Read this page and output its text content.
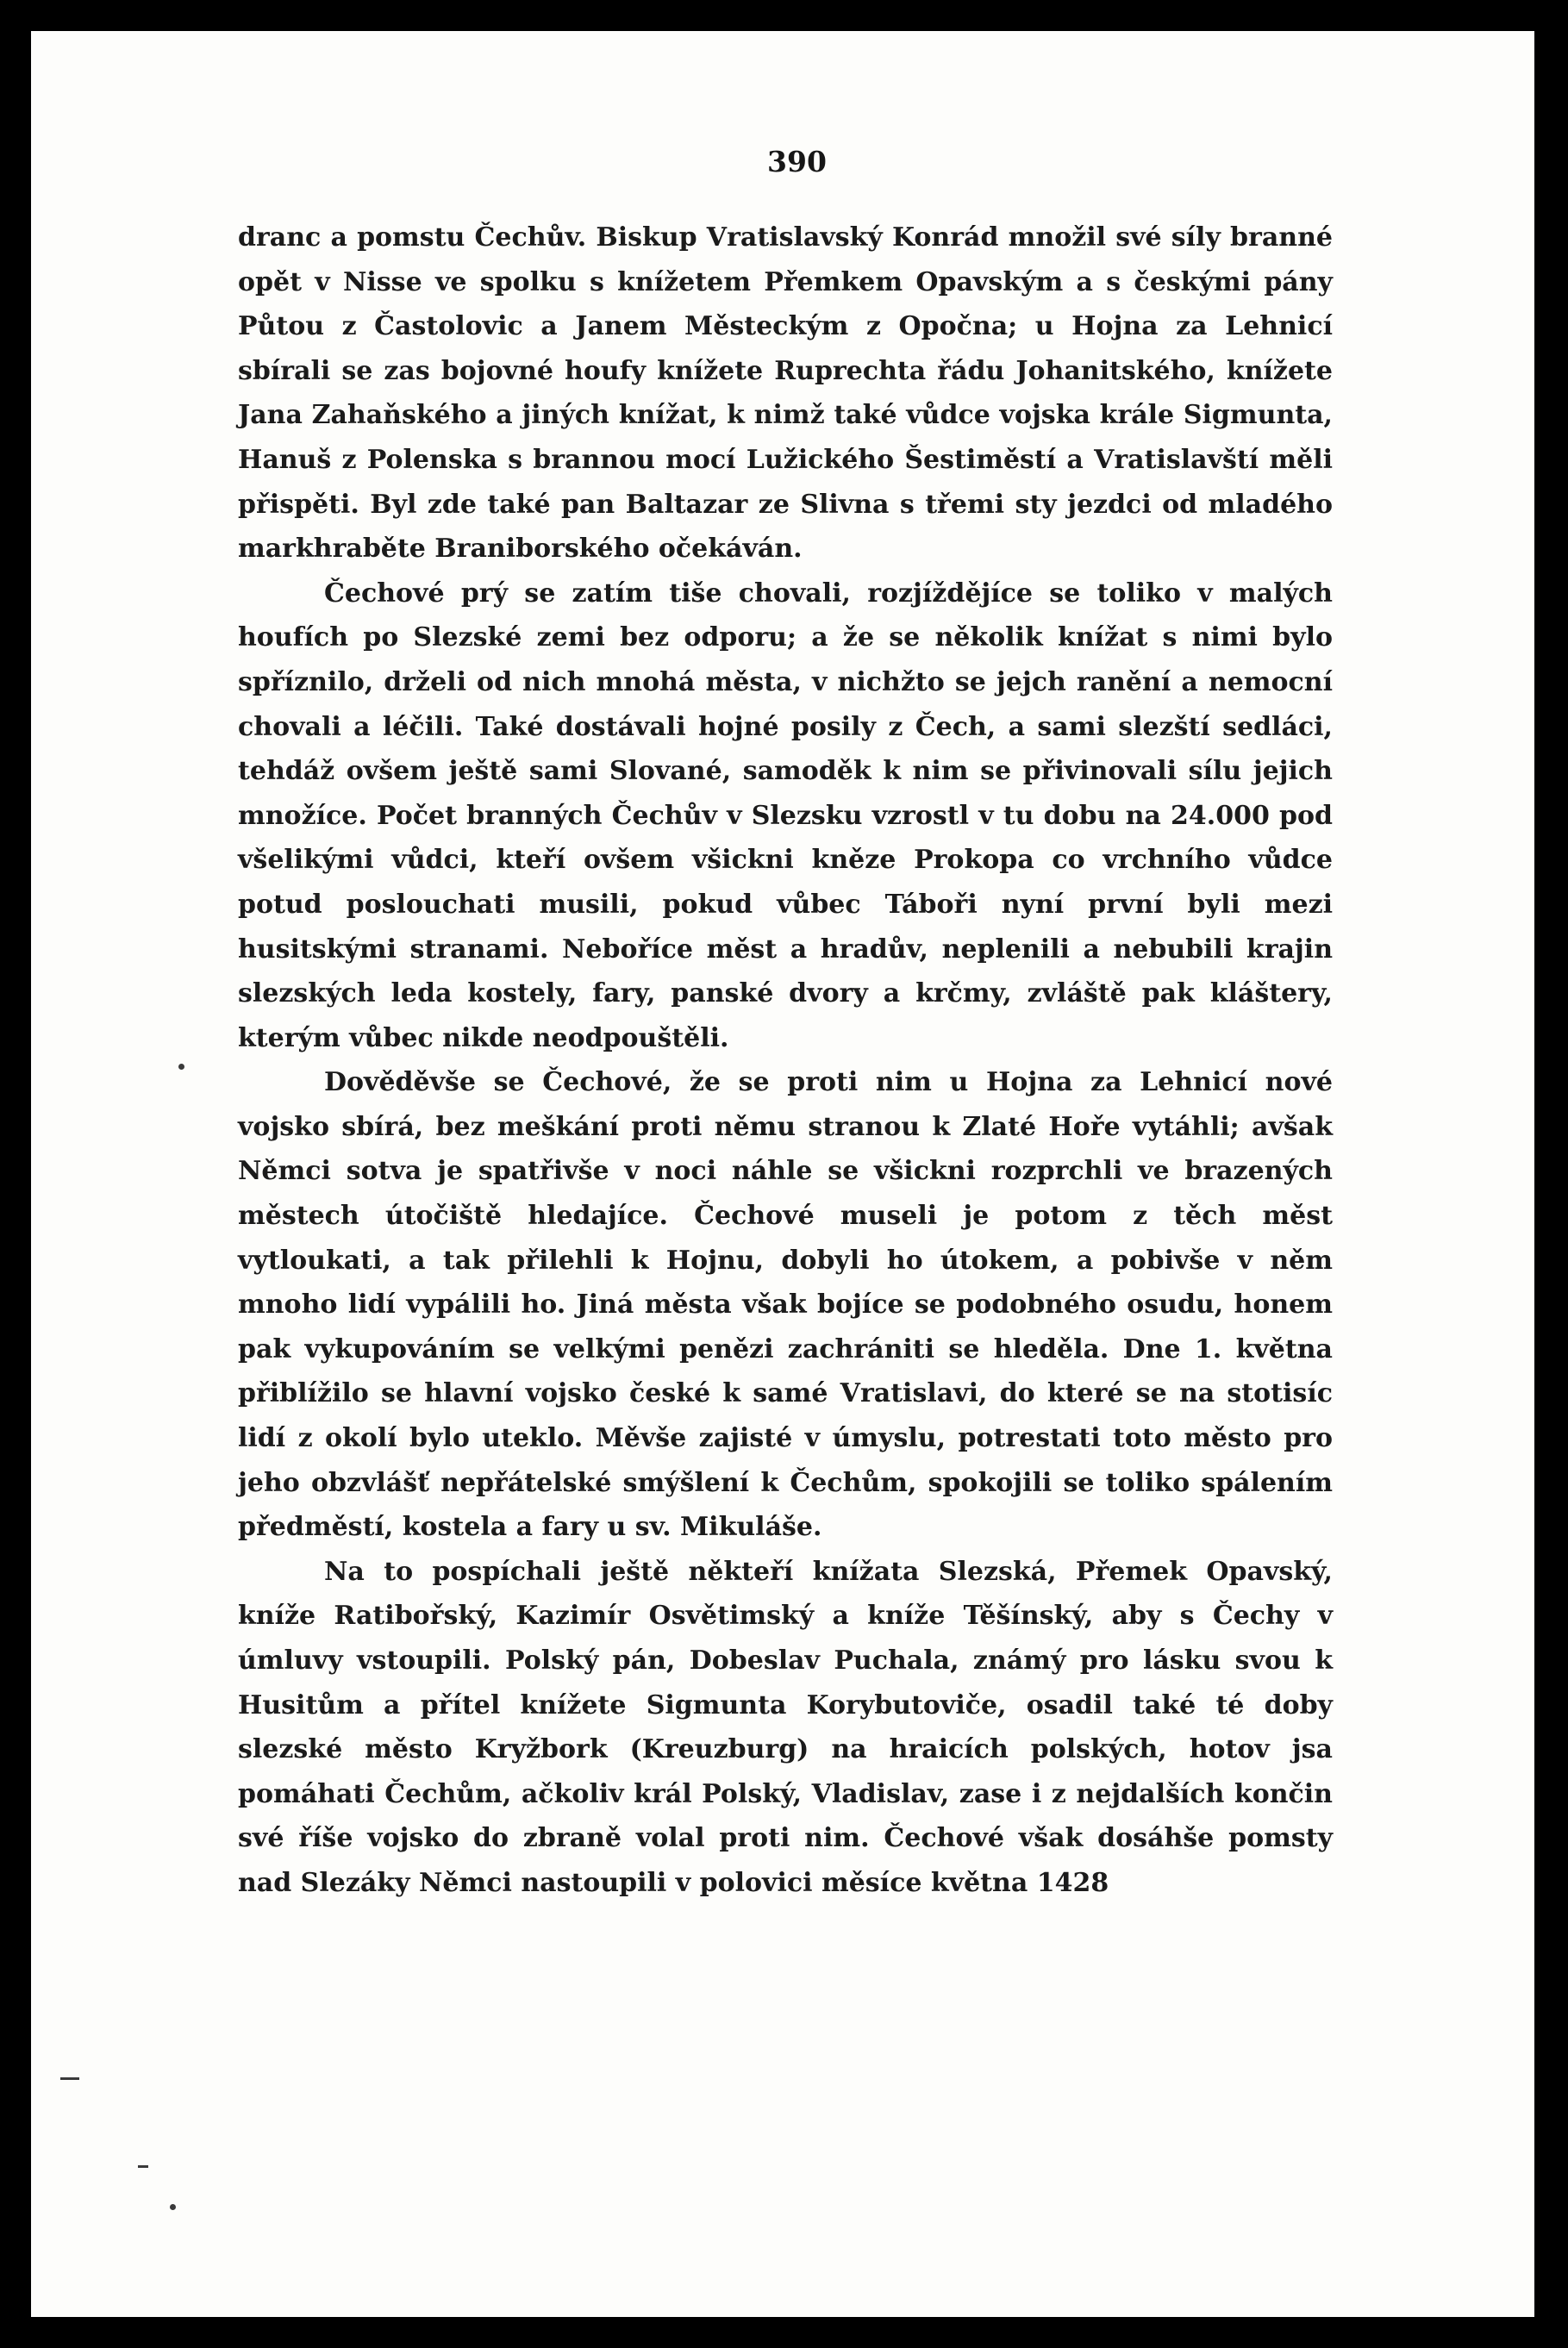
390

dranc a pomstu Čechův. Biskup Vratislavský Konrád množil své síly branné opět v Nisse ve spolku s knížetem Přemkem Opavským a s českými pány Půtou z Častolovic a Janem Městeckým z Opočna; u Hojna za Lehnicí sbírali se zas bojovné houfy knížete Ruprechta řádu Johanitského, knížete Jana Zahaňského a jiných knížat, k nimž také vůdce vojska krále Sigmunta, Hanuš z Polenska s brannou mocí Lužického Šestiměstí a Vratislavští měli přispěti. Byl zde také pan Baltazar ze Slivna s třemi sty jezdci od mladého markhraběte Braniborského očekáván.

Čechové prý se zatím tiše chovali, rozjíždějíce se toliko v malých houfích po Slezské zemi bez odporu; a že se několik knížat s nimi bylo spříznilo, drželi od nich mnohá města, v nichžto se jejch ranění a nemocní chovali a léčili. Také dostávali hojné posily z Čech, a sami slezští sedláci, tehdáž ovšem ještě sami Slované, samoděk k nim se přivinovali sílu jejich množíce. Počet branných Čechův v Slezsku vzrostl v tu dobu na 24.000 pod všelikými vůdci, kteří ovšem všickni kněze Prokopa co vrchního vůdce potud poslouchati musili, pokud vůbec Táboři nyní první byli mezi husitskými stranami. Neboříce měst a hradův, neplenili a nebubili krajin slezských leda kostely, fary, panské dvory a krčmy, zvláště pak kláštery, kterým vůbec nikde neodpouštěli.

Dověděvše se Čechové, že se proti nim u Hojna za Lehnicí nové vojsko sbírá, bez meškání proti němu stranou k Zlaté Hoře vytáhli; avšak Němci sotva je spatřivše v noci náhle se všickni rozprchli ve brazených městech útočiště hledajíce. Čechové museli je potom z těch měst vytloukati, a tak přilehli k Hojnu, dobyli ho útokem, a pobivše v něm mnoho lidí vypálili ho. Jiná města však bojíce se podobného osudu, honem pak vykupováním se velkými penězi zachrániti se hleděla. Dne 1. května přiblížilo se hlavní vojsko české k samé Vratislavi, do které se na stotisíc lidí z okolí bylo uteklo. Měvše zajisté v úmyslu, potrestati toto město pro jeho obzvlášť nepřátelské smýšlení k Čechům, spokojili se toliko spálením předměstí, kostela a fary u sv. Mikuláše.

Na to pospíchali ještě někteří knížata Slezská, Přemek Opavský, kníže Ratibořský, Kazimír Osvětimský a kníže Těšínský, aby s Čechy v úmluvy vstoupili. Polský pán, Dobeslav Puchala, známý pro lásku svou k Husitům a přítel knížete Sigmunta Korybutoviče, osadil také té doby slezské město Kryžbork (Kreuzburg) na hraicích polských, hotov jsa pomáhati Čechům, ačkoliv král Polský, Vladislav, zase i z nejdalších končin své říše vojsko do zbraně volal proti nim. Čechové však dosáhše pomsty nad Slezáky Němci nastoupili v polovici měsíce května 1428
